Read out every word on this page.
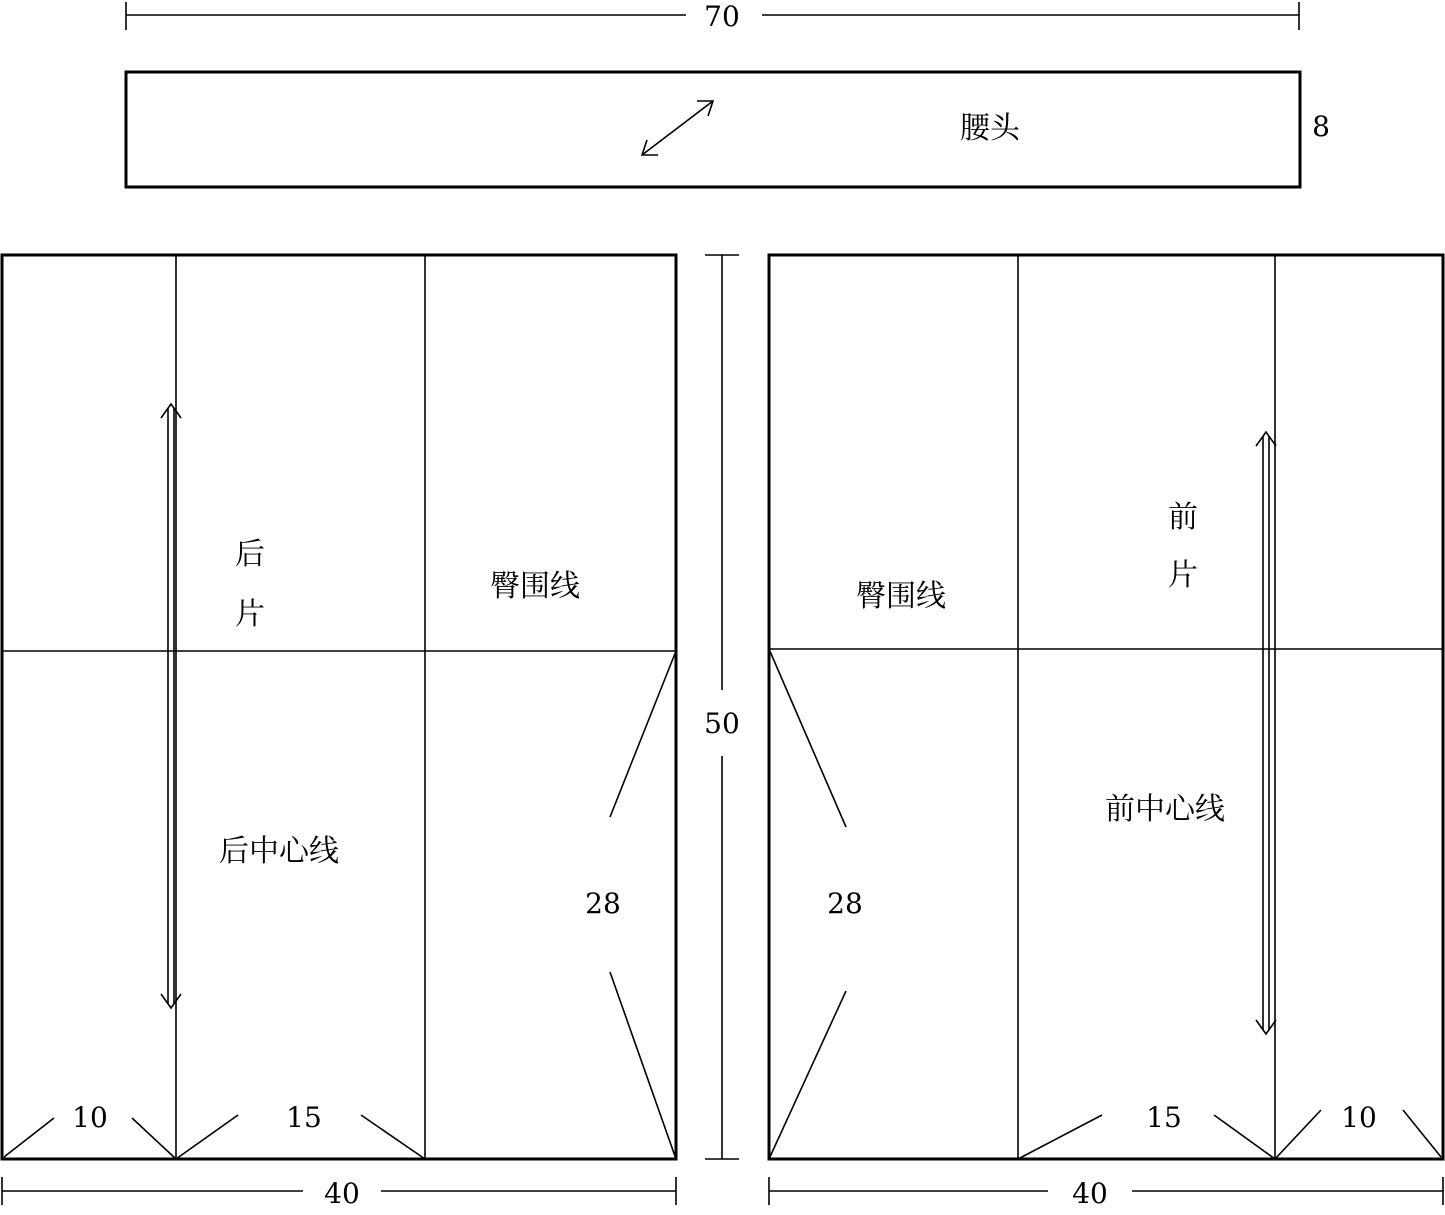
70
腰头	8
后
片
臀围线
后中心线
28
10	15
40
50
前
片
臀围线
前中心线
28
15	10
40
